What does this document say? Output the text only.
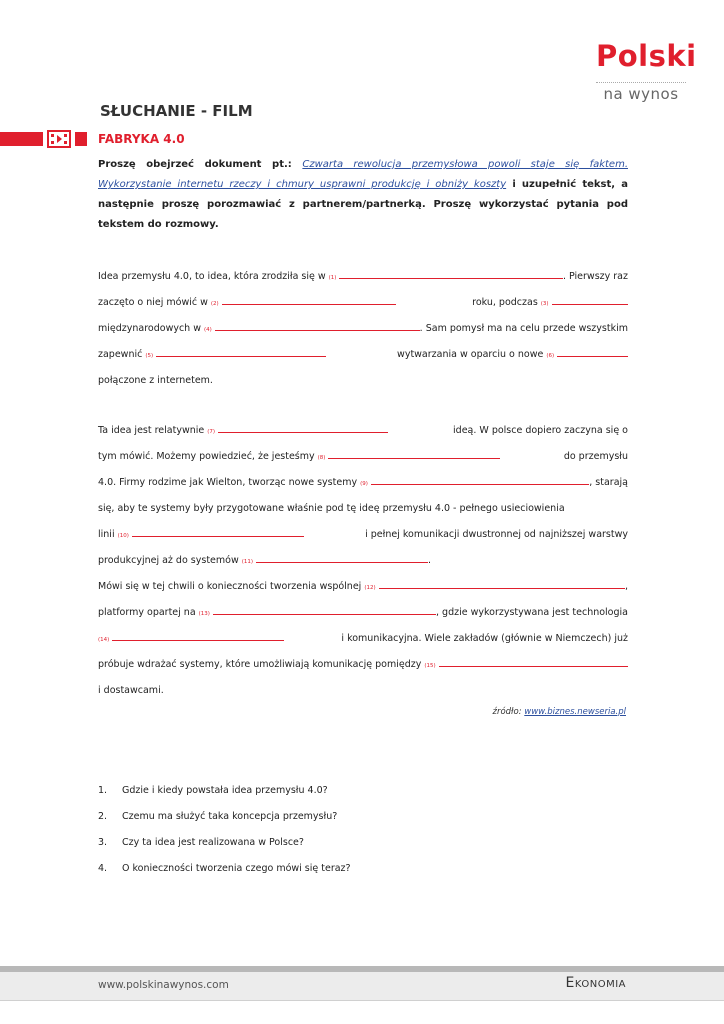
Polski
na wynos
SŁUCHANIE - FILM
FABRYKA 4.0
Proszę obejrzeć dokument pt.: Czwarta rewolucja przemysłowa powoli staje się faktem. Wykorzystanie internetu rzeczy i chmury usprawni produkcję i obniży koszty i uzupełnić tekst, a następnie proszę porozmawiać z partnerem/partnerką. Proszę wykorzystać pytania pod tekstem do rozmowy.
Idea przemysłu 4.0, to idea, która zrodziła się w (1)	. Pierwszy raz
zaczęto o niej mówić w (2)	roku, podczas (3)
międzynarodowych w (4)	. Sam pomysł ma na celu przede wszystkim
zapewnić (5)	wytwarzania w oparciu o nowe (6)
połączone z internetem.
Ta idea jest relatywnie (7)	ideą. W polsce dopiero zaczyna się o
tym mówić. Możemy powiedzieć, że jesteśmy (8)	do przemysłu
4.0. Firmy rodzime jak Wielton, tworząc nowe systemy (9)	, starają
się, aby te systemy były przygotowane właśnie pod tę ideę przemysłu 4.0 - pełnego usieciowienia
linii (10)	i pełnej komunikacji dwustronnej od najniższej warstwy
produkcyjnej aż do systemów (11)	.
Mówi się w tej chwili o konieczności tworzenia wspólnej (12)	,
platformy opartej na (13)	, gdzie wykorzystywana jest technologia
(14)	i komunikacyjna. Wiele zakładów (głównie w Niemczech) już
próbuje wdrażać systemy, które umożliwiają komunikację pomiędzy (15)
i dostawcami.
źródło: www.biznes.newseria.pl
1.	Gdzie i kiedy powstała idea przemysłu 4.0?
2.	Czemu ma służyć taka koncepcja przemysłu?
3.	Czy ta idea jest realizowana w Polsce?
4.	O konieczności tworzenia czego mówi się teraz?
www.polskinawynos.com	Ekonomia
